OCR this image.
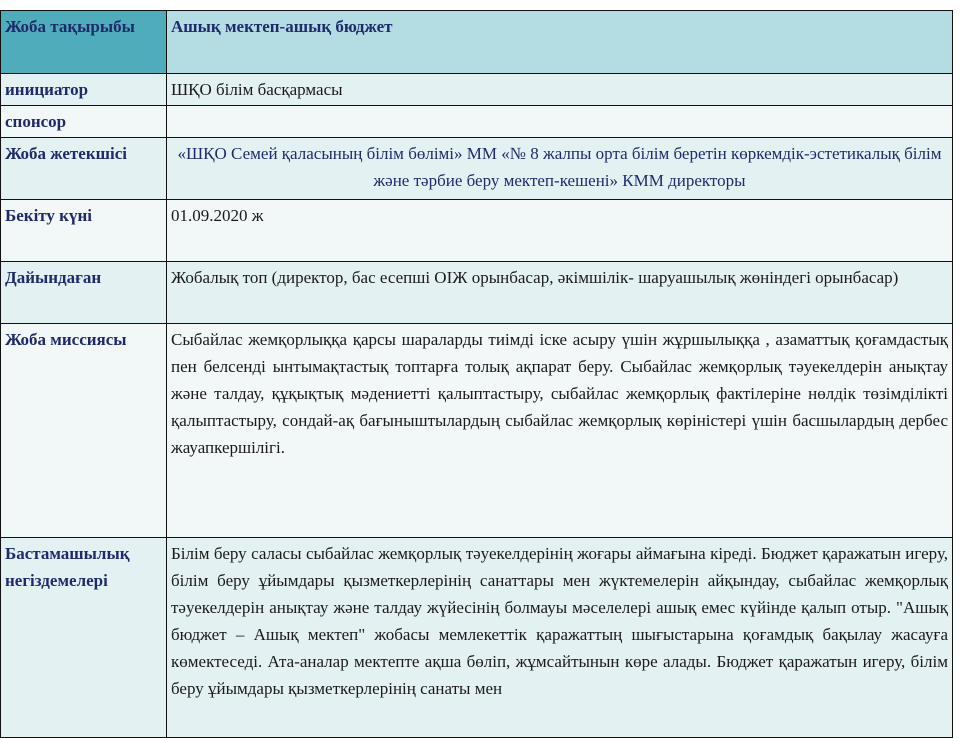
Жоба тақырыбы	Ашық мектеп-ашық бюджет
инициатор	ШҚО білім басқармасы
спонсор	
Жоба жетекшісі	«ШҚО Семей қаласының білім бөлімі» ММ «№ 8 жалпы орта білім беретін көркемдік-эстетикалық білім және тәрбие беру мектеп-кешені» КММ директоры
Бекіту күні	01.09.2020 ж
Дайындаған	Жобалық топ (директор, бас есепші ОІЖ орынбасар, әкімшілік- шаруашылық жөніндегі орынбасар)
Жоба миссиясы	Сыбайлас жемқорлыққа қарсы шараларды тиімді іске асыру үшін жұршылыққа , азаматтық қоғамдастық пен белсенді ынтымақтастық топтарға толық ақпарат беру. Сыбайлас жемқорлық тәуекелдерін анықтау және талдау, құқықтық мәдениетті қалыптастыру, сыбайлас жемқорлық фактілеріне нөлдік төзімділікті қалыптастыру, сондай-ақ бағыныштылардың сыбайлас жемқорлық көріністері үшін басшылардың дербес жауапкершілігі.
Бастамашылық негіздемелері	Білім беру саласы сыбайлас жемқорлық тәуекелдерінің жоғары аймағына кіреді. Бюджет қаражатын игеру, білім беру ұйымдары қызметкерлерінің санаттары мен жүктемелерін айқындау, сыбайлас жемқорлық тәуекелдерін анықтау және талдау жүйесінің болмауы мәселелері ашық емес күйінде қалып отыр. "Ашық бюджет – Ашық мектеп" жобасы мемлекеттік қаражаттың шығыстарына қоғамдық бақылау жасауға көмектеседі. Ата-аналар мектепте ақша бөліп, жұмсайтынын көре алады. Бюджет қаражатын игеру, білім беру ұйымдары қызметкерлерінің санаты мен
